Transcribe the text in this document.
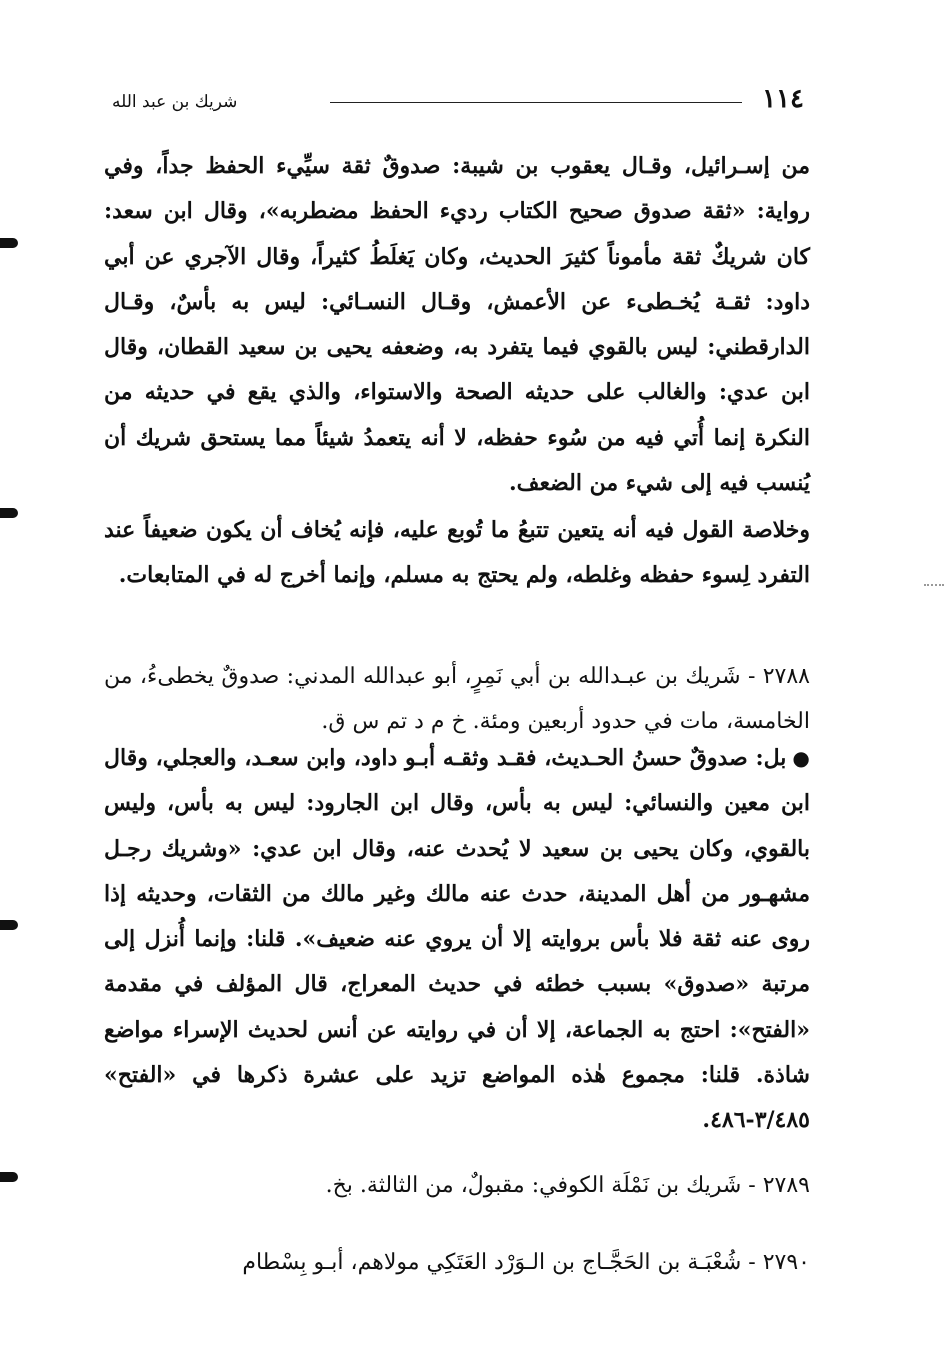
١١٤
شريك بن عبد الله

من إسـرائيل، وقـال يعقوب بن شيبة: صدوقٌ ثقة سيِّيء الحفظ جداً، وفي رواية: «ثقة صدوق صحيح الكتاب رديء الحفظ مضطربه»، وقال ابن سعد: كان شريكٌ ثقة مأموناً كثيرَ الحديث، وكان يَغلَطُ كثيراً، وقال الآجري عن أبي داود: ثقـة يُخـطىء عن الأعمش، وقـال النسـائي: ليس به بأسٌ، وقـال الدارقطني: ليس بالقوي فيما يتفرد به، وضعفه يحيى بن سعيد القطان، وقال ابن عدي: والغالب على حديثه الصحة والاستواء، والذي يقع في حديثه من النكرة إنما أُتي فيه من سُوء حفظه، لا أنه يتعمدُ شيئاً مما يستحق شريك أن يُنسب فيه إلى شيء من الضعف.

وخلاصة القول فيه أنه يتعين تتبعُ ما تُوبع عليه، فإنه يُخاف أن يكون ضعيفاً عند التفرد لِسوء حفظه وغلطه، ولم يحتج به مسلم، وإنما أخرج له في المتابعات.

٢٧٨٨ - شَريك بن عبـدالله بن أبي نَمِرٍ، أبو عبدالله المدني: صدوقٌ يخطىءُ، من الخامسة، مات في حدود أربعين ومئة. خ م د تم س ق.

●بل: صدوقٌ حسنُ الحـديث، فقـد وثقـه أبـو داود، وابن سعـد، والعجلي، وقال ابن معين والنسائي: ليس به بأس، وقال ابن الجارود: ليس به بأس، وليس بالقوي، وكان يحيى بن سعيد لا يُحدث عنه، وقال ابن عدي: «وشريك رجـل مشهـور من أهل المدينة، حدث عنه مالك وغير مالك من الثقات، وحديثه إذا روى عنه ثقة فلا بأس بروايته إلا أن يروي عنه ضعيف». قلنا: وإنما أُنزل إلى مرتبة «صدوق» بسبب خطئه في حديث المعراج، قال المؤلف في مقدمة «الفتح»: احتج به الجماعة، إلا أن في روايته عن أنس لحديث الإسراء مواضع شاذة. قلنا: مجموع هٰذه المواضع تزيد على عشرة ذكرها في «الفتح» ٣/٤٨٥-٤٨٦.

٢٧٨٩ - شَريك بن نَمْلَة الكوفي: مقبولٌ، من الثالثة. بخ.

٢٧٩٠ - شُعْبَـة بن الحَجَّـاج بن الـوَرْد العَتَكِي مولاهم، أبـو بِسْطام
